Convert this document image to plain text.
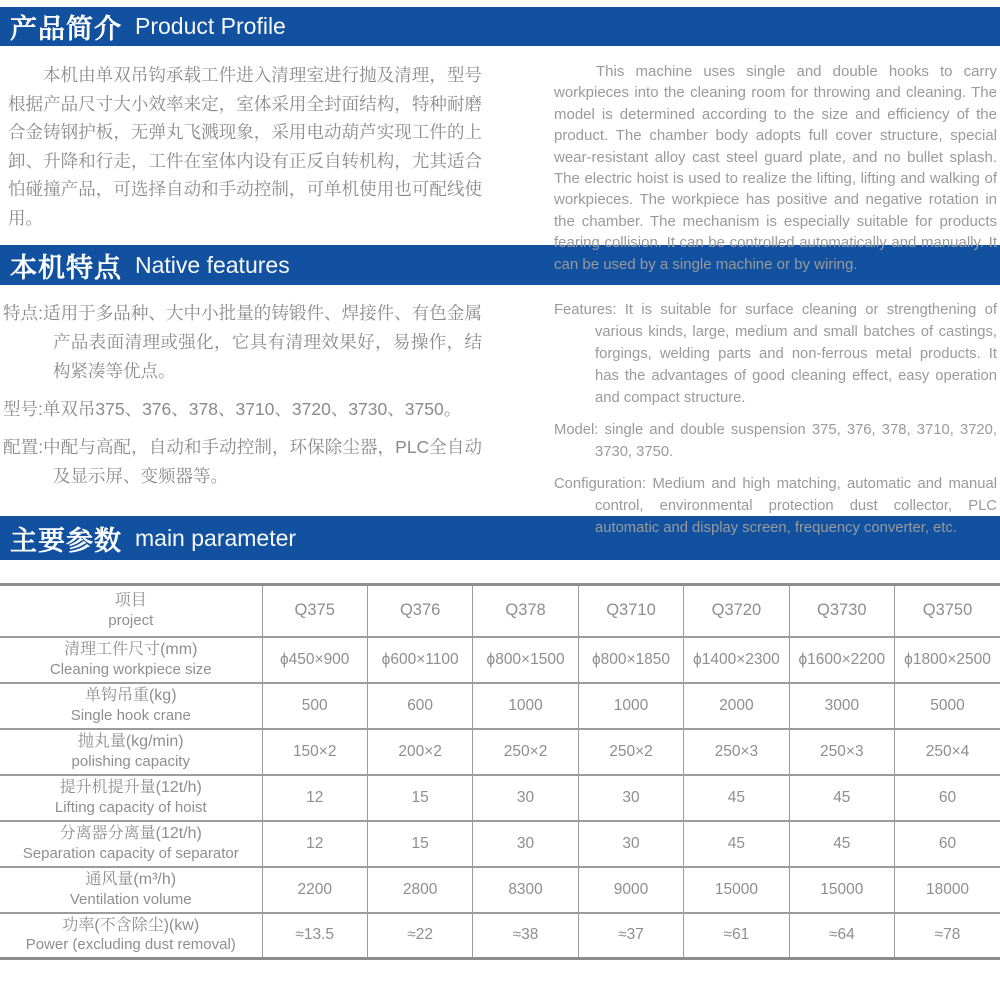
产品简介 Product Profile

本机由单双吊钩承载工件进入清理室进行抛及清理，型号根据产品尺寸大小效率来定，室体采用全封面结构，特种耐磨合金铸钢护板，无弹丸飞溅现象，采用电动葫芦实现工件的上卸、升降和行走，工件在室体内设有正反自转机构，尤其适合怕碰撞产品，可选择自动和手动控制，可单机使用也可配线使用。

This machine uses single and double hooks to carry workpieces into the cleaning room for throwing and cleaning. The model is determined according to the size and efficiency of the product. The chamber body adopts full cover structure, special wear-resistant alloy cast steel guard plate, and no bullet splash. The electric hoist is used to realize the lifting, lifting and walking of workpieces. The workpiece has positive and negative rotation in the chamber. The mechanism is especially suitable for products fearing collision. It can be controlled automatically and manually. It can be used by a single machine or by wiring.

本机特点 Native features

特点:适用于多品种、大中小批量的铸锻件、焊接件、有色金属产品表面清理或强化，它具有清理效果好，易操作，结构紧凑等优点。

型号:单双吊375、376、378、3710、3720、3730、3750。

配置:中配与高配，自动和手动控制，环保除尘器，PLC全自动及显示屏、变频器等。

Features: It is suitable for surface cleaning or strengthening of various kinds, large, medium and small batches of castings, forgings, welding parts and non-ferrous metal products. It has the advantages of good cleaning effect, easy operation and compact structure.

Model: single and double suspension 375, 376, 378, 3710, 3720, 3730, 3750.

Configuration: Medium and high matching, automatic and manual control, environmental protection dust collector, PLC automatic and display screen, frequency converter, etc.

主要参数 main parameter
项目
project	Q375	Q376	Q378	Q3710	Q3720	Q3730	Q3750

清理工件尺寸(mm)
Cleaning workpiece size	ϕ450×900	ϕ600×1100	ϕ800×1500	ϕ800×1850	ϕ1400×2300	ϕ1600×2200	ϕ1800×2500

单钩吊重(kg)
Single hook crane	500	600	1000	1000	2000	3000	5000

抛丸量(kg/min)
polishing capacity	150×2	200×2	250×2	250×2	250×3	250×3	250×4

提升机提升量(12t/h)
Lifting capacity of hoist	12	15	30	30	45	45	60

分离器分离量(12t/h)
Separation capacity of separator	12	15	30	30	45	45	60

通风量(m³/h)
Ventilation volume	2200	2800	8300	9000	15000	15000	18000

功率(不含除尘)(kw)
Power (excluding dust removal)	≈13.5	≈22	≈38	≈37	≈61	≈64	≈78
